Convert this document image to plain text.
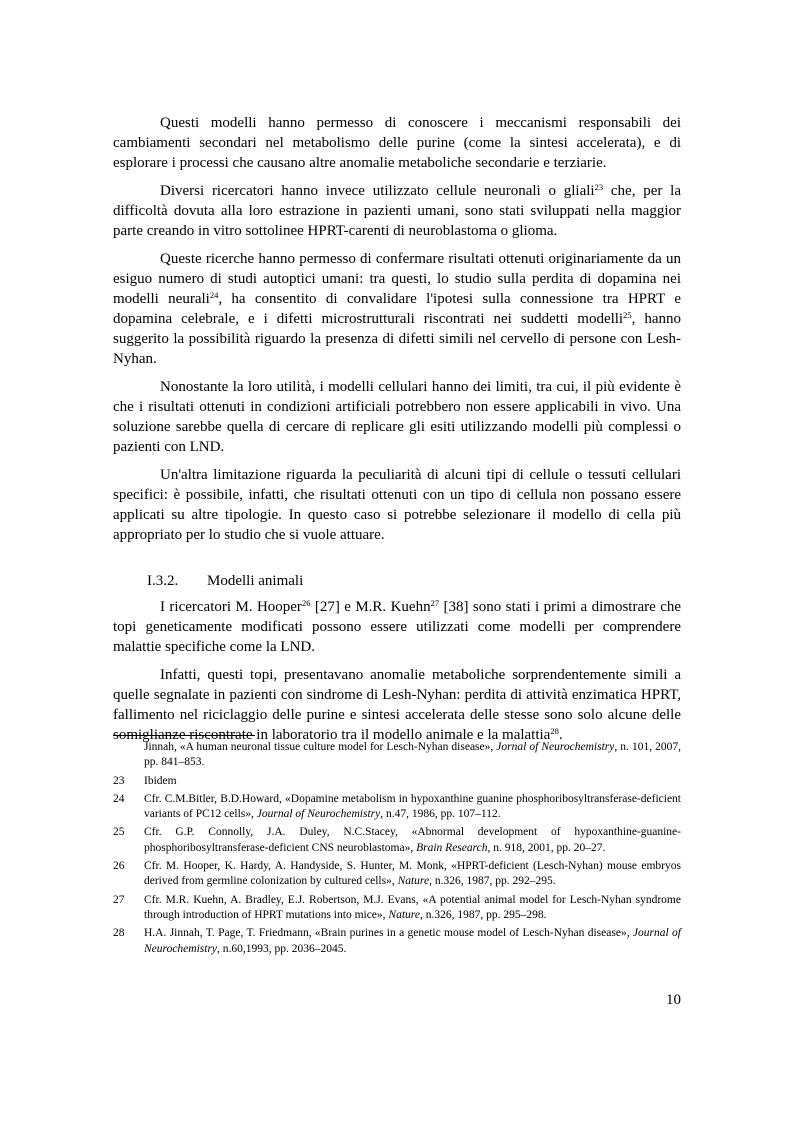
Questi modelli hanno permesso di conoscere i meccanismi responsabili dei cambiamenti secondari nel metabolismo delle purine (come la sintesi accelerata), e di esplorare i processi che causano altre anomalie metaboliche secondarie e terziarie.

Diversi ricercatori hanno invece utilizzato cellule neuronali o gliali$^{23}$ che, per la difficoltà dovuta alla loro estrazione in pazienti umani, sono stati sviluppati nella maggior parte creando in vitro sottolinee HPRT-carenti di neuroblastoma o glioma.

Queste ricerche hanno permesso di confermare risultati ottenuti originariamente da un esiguo numero di studi autoptici umani: tra questi, lo studio sulla perdita di dopamina nei modelli neurali$^{24}$, ha consentito di convalidare l'ipotesi sulla connessione tra HPRT e dopamina celebrale, e i difetti microstrutturali riscontrati nei suddetti modelli$^{25}$, hanno suggerito la possibilità riguardo la presenza di difetti simili nel cervello di persone con Lesh-Nyhan.

Nonostante la loro utilità, i modelli cellulari hanno dei limiti, tra cui, il più evidente è che i risultati ottenuti in condizioni artificiali potrebbero non essere applicabili in vivo. Una soluzione sarebbe quella di cercare di replicare gli esiti utilizzando modelli più complessi o pazienti con LND.

Un'altra limitazione riguarda la peculiarità di alcuni tipi di cellule o tessuti cellulari specifici: è possibile, infatti, che risultati ottenuti con un tipo di cellula non possano essere applicati su altre tipologie. In questo caso si potrebbe selezionare il modello di cella più appropriato per lo studio che si vuole attuare.

I.3.2. Modelli animali

I ricercatori M. Hooper$^{26}$ [27] e M.R. Kuehn$^{27}$ [38] sono stati i primi a dimostrare che topi geneticamente modificati possono essere utilizzati come modelli per comprendere malattie specifiche come la LND.

Infatti, questi topi, presentavano anomalie metaboliche sorprendentemente simili a quelle segnalate in pazienti con sindrome di Lesh-Nyhan: perdita di attività enzimatica HPRT, fallimento nel riciclaggio delle purine e sintesi accelerata delle stesse sono solo alcune delle somiglianze riscontrate in laboratorio tra il modello animale e la malattia$^{28}$.

Jinnah, «A human neuronal tissue culture model for Lesch-Nyhan disease», Jornal of Neurochemistry, n. 101, 2007, pp. 841–853.
23 Ibidem
24 Cfr. C.M.Bitler, B.D.Howard, «Dopamine metabolism in hypoxanthine guanine phosphoribosyltransferase-deficient variants of PC12 cells», Journal of Neurochemistry, n.47, 1986, pp. 107–112.
25 Cfr. G.P. Connolly, J.A. Duley, N.C.Stacey, «Abnormal development of hypoxanthine-guanine-phosphoribosyltransferase-deficient CNS neuroblastoma», Brain Research, n. 918, 2001, pp. 20–27.
26 Cfr. M. Hooper, K. Hardy, A. Handyside, S. Hunter, M. Monk, «HPRT-deficient (Lesch-Nyhan) mouse embryos derived from germline colonization by cultured cells», Nature, n.326, 1987, pp. 292–295.
27 Cfr. M.R. Kuehn, A. Bradley, E.J. Robertson, M.J. Evans, «A potential animal model for Lesch-Nyhan syndrome through introduction of HPRT mutations into mice», Nature, n.326, 1987, pp. 295–298.
28 H.A. Jinnah, T. Page, T. Friedmann, «Brain purines in a genetic mouse model of Lesch-Nyhan disease», Journal of Neurochemistry, n.60,1993, pp. 2036–2045.
10
